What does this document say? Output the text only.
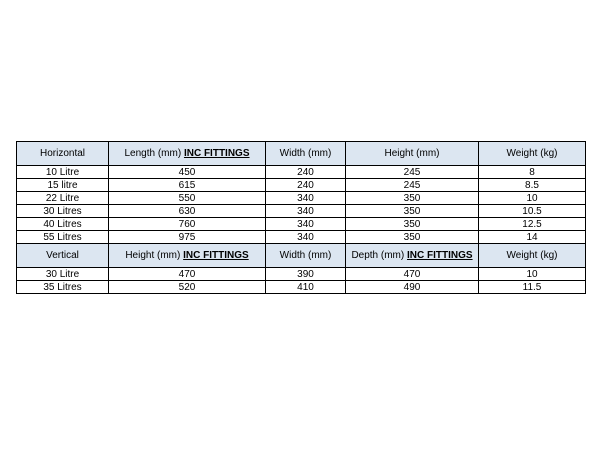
Horizontal	Length (mm) INC FITTINGS	Width (mm)	Height (mm)	Weight (kg)
10 Litre	450	240	245	8
15 litre	615	240	245	8.5
22 Litre	550	340	350	10
30 Litres	630	340	350	10.5
40 Litres	760	340	350	12.5
55 Litres	975	340	350	14
Vertical	Height (mm) INC FITTINGS	Width (mm)	Depth (mm) INC FITTINGS	Weight (kg)
30 Litre	470	390	470	10
35 Litres	520	410	490	11.5
